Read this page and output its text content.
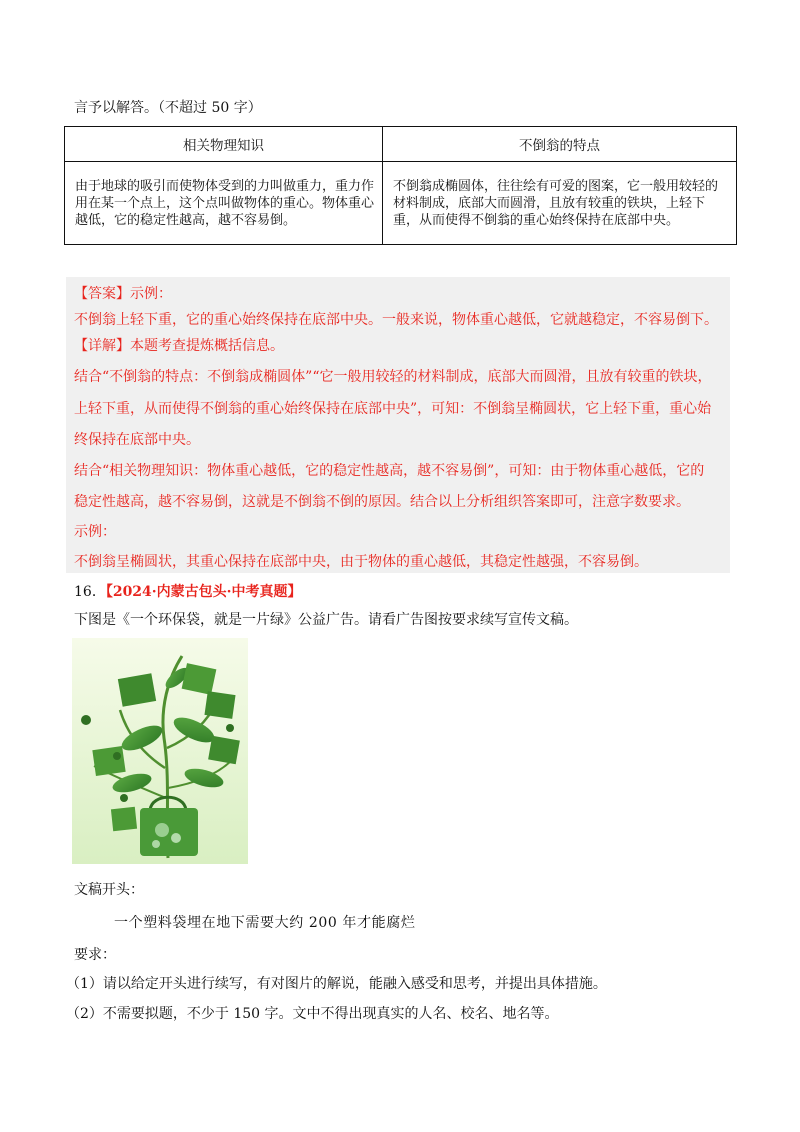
言予以解答。（不超过 50 字）
相关物理知识	不倒翁的特点
由于地球的吸引而使物体受到的力叫做重力，重力作用在某一个点上，这个点叫做物体的重心。物体重心越低，它的稳定性越高，越不容易倒。	不倒翁成椭圆体，往往绘有可爱的图案，它一般用较轻的材料制成，底部大而圆滑，且放有较重的铁块，上轻下重，从而使得不倒翁的重心始终保持在底部中央。
【答案】示例：
不倒翁上轻下重，它的重心始终保持在底部中央。一般来说，物体重心越低，它就越稳定，不容易倒下。
【详解】本题考查提炼概括信息。
结合“不倒翁的特点：不倒翁成椭圆体”“它一般用较轻的材料制成，底部大而圆滑，且放有较重的铁块，
上轻下重，从而使得不倒翁的重心始终保持在底部中央”，可知：不倒翁呈椭圆状，它上轻下重，重心始
终保持在底部中央。
结合“相关物理知识：物体重心越低，它的稳定性越高，越不容易倒”，可知：由于物体重心越低，它的
稳定性越高，越不容易倒，这就是不倒翁不倒的原因。结合以上分析组织答案即可，注意字数要求。
示例：
不倒翁呈椭圆状，其重心保持在底部中央，由于物体的重心越低，其稳定性越强，不容易倒。
16．【2024·内蒙古包头·中考真题】
下图是《一个环保袋，就是一片绿》公益广告。请看广告图按要求续写宣传文稿。
文稿开头：
一个塑料袋埋在地下需要大约 200 年才能腐烂
要求：
（1）请以给定开头进行续写，有对图片的解说，能融入感受和思考，并提出具体措施。
（2）不需要拟题，不少于 150 字。文中不得出现真实的人名、校名、地名等。
